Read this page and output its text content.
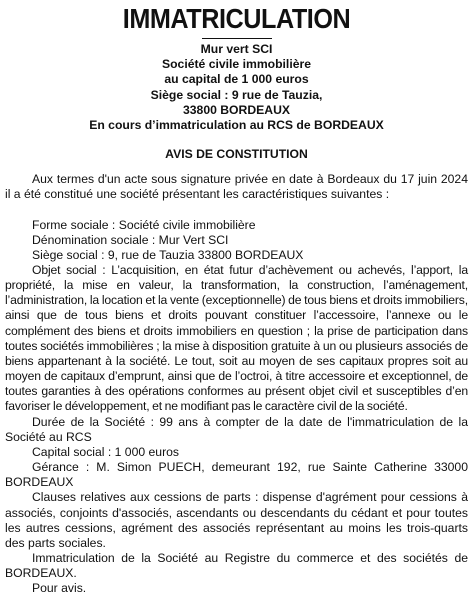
IMMATRICULATION
Mur vert SCI
Société civile immobilière
au capital de 1 000 euros
Siège social : 9 rue de Tauzia,
33800 BORDEAUX
En cours d’immatriculation au RCS de BORDEAUX
AVIS DE CONSTITUTION

Aux termes d'un acte sous signature privée en date à Bordeaux du 17 juin 2024 il a été constitué une société présentant les caractéristiques suivantes :

Forme sociale : Société civile immobilière

Dénomination sociale : Mur Vert SCI

Siège social : 9, rue de Tauzia 33800 BORDEAUX

Objet social : L’acquisition, en état futur d’achèvement ou achevés, l’apport, la propriété, la mise en valeur, la transformation, la construction, l’aménagement, l’administration, la location et la vente (exceptionnelle) de tous biens et droits immobiliers, ainsi que de tous biens et droits pouvant constituer l’accessoire, l’annexe ou le complément des biens et droits immobiliers en question ; la prise de participation dans toutes sociétés immobilières ; la mise à disposition gratuite à un ou plusieurs associés de biens appartenant à la société. Le tout, soit au moyen de ses capitaux propres soit au moyen de capitaux d’emprunt, ainsi que de l’octroi, à titre accessoire et exceptionnel, de toutes garanties à des opérations conformes au présent objet civil et susceptibles d’en favoriser le développement, et ne modifiant pas le caractère civil de la société.

Durée de la Société : 99 ans à compter de la date de l'immatriculation de la Société au RCS

Capital social : 1 000 euros

Gérance : M. Simon PUECH, demeurant 192, rue Sainte Catherine 33000 BORDEAUX

Clauses relatives aux cessions de parts : dispense d'agrément pour cessions à associés, conjoints d'associés, ascendants ou descendants du cédant et pour toutes les autres cessions, agrément des associés représentant au moins les trois-quarts des parts sociales.

Immatriculation de la Société au Registre du commerce et des sociétés de BORDEAUX.

Pour avis.
